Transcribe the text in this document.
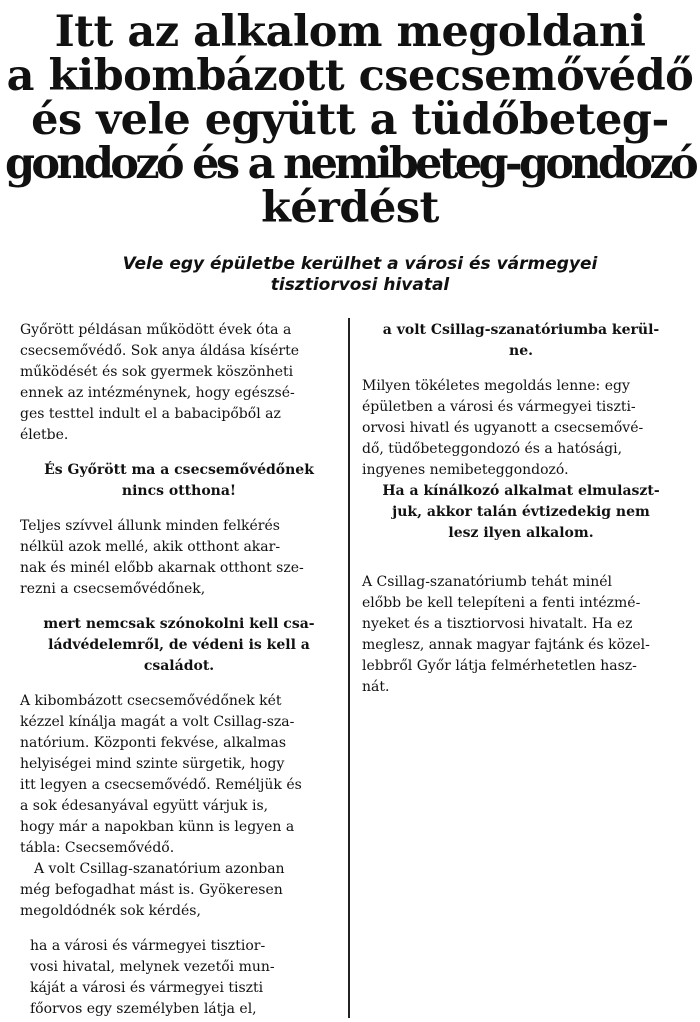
Itt az alkalom megoldani
a kibombázott csecsemővédő
és vele együtt a tüdőbeteg-
gondozó és a nemibeteg-gondozó
kérdést
Vele egy épületbe kerülhet a városi és vármegyei
tisztiorvosi hivatal
Győrött példásan működött évek óta a
csecsemővédő. Sok anya áldása kísérte
működését és sok gyermek köszönheti
ennek az intézménynek, hogy egészsé-
ges testtel indult el a babacipőből az
életbe.
És Győrött ma a csecsemővédőnek
nincs otthona!
Teljes szívvel állunk minden felkérés
nélkül azok mellé, akik otthont akar-
nak és minél előbb akarnak otthont sze-
rezni a csecsemővédőnek,
mert nemcsak szónokolni kell csa-
ládvédelemről, de védeni is kell a
családot.
A kibombázott csecsemővédőnek két
kézzel kínálja magát a volt Csillag-sza-
natórium. Központi fekvése, alkalmas
helyiségei mind szinte sürgetik, hogy
itt legyen a csecsemővédő. Reméljük és
a sok édesanyával együtt várjuk is,
hogy már a napokban künn is legyen a
tábla: Csecsemővédő.
A volt Csillag-szanatórium azonban
még befogadhat mást is. Gyökeresen
megoldódnék sok kérdés,
ha a városi és vármegyei tisztior-
vosi hivatal, melynek vezetői mun-
káját a városi és vármegyei tiszti
főorvos egy személyben látja el,
a volt Csillag-szanatóriumba kerül-
ne.
Milyen tökéletes megoldás lenne: egy
épületben a városi és vármegyei tiszti-
orvosi hivatl és ugyanott a csecsemővé-
dő, tüdőbeteggondozó és a hatósági,
ingyenes nemibeteggondozó.
Ha a kínálkozó alkalmat elmulaszt-
juk, akkor talán évtizedekig nem
lesz ilyen alkalom.
A Csillag-szanatóriumb tehát minél
előbb be kell telepíteni a fenti intézmé-
nyeket és a tisztiorvosi hivatalt. Ha ez
meglesz, annak magyar fajtánk és közel-
lebbről Győr látja felmérhetetlen hasz-
nát.
